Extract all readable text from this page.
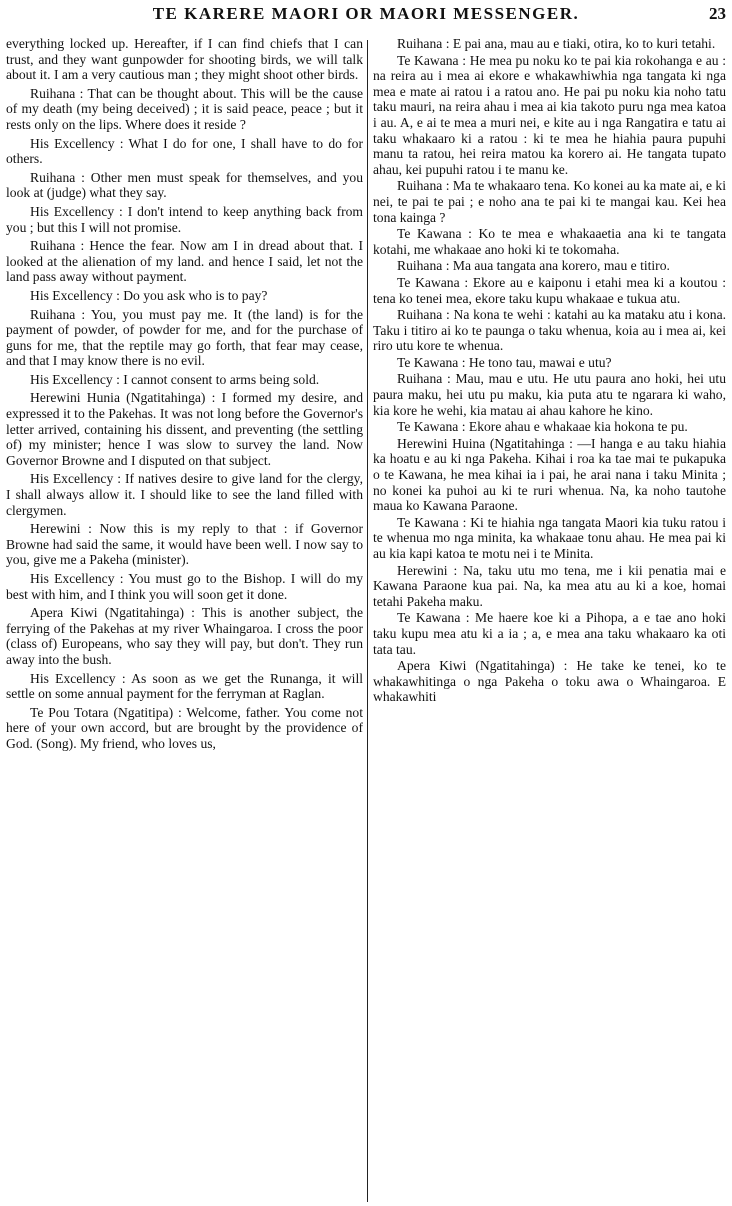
TE KARERE MAORI OR MAORI MESSENGER.	23

everything locked up. Hereafter, if I can find chiefs that I can trust, and they want gunpowder for shooting birds, we will talk about it. I am a very cautious man ; they might shoot other birds.

Ruihana : That can be thought about. This will be the cause of my death (my being deceived) ; it is said peace, peace ; but it rests only on the lips. Where does it reside ?

His Excellency : What I do for one, I shall have to do for others.

Ruihana : Other men must speak for themselves, and you look at (judge) what they say.

His Excellency : I don't intend to keep anything back from you ; but this I will not promise.

Ruihana : Hence the fear. Now am I in dread about that. I looked at the alienation of my land. and hence I said, let not the land pass away without payment.

His Excellency : Do you ask who is to pay?

Ruihana : You, you must pay me. It (the land) is for the payment of powder, of powder for me, and for the purchase of guns for me, that the reptile may go forth, that fear may cease, and that I may know there is no evil.

His Excellency : I cannot consent to arms being sold.

Herewini Hunia (Ngatitahinga) : I formed my desire, and expressed it to the Pakehas. It was not long before the Governor's letter arrived, containing his dissent, and preventing (the settling of) my minister; hence I was slow to survey the land. Now Governor Browne and I disputed on that subject.

His Excellency : If natives desire to give land for the clergy, I shall always allow it. I should like to see the land filled with clergymen.

Herewini : Now this is my reply to that : if Governor Browne had said the same, it would have been well. I now say to you, give me a Pakeha (minister).

His Excellency : You must go to the Bishop. I will do my best with him, and I think you will soon get it done.

Apera Kiwi (Ngatitahinga) : This is another subject, the ferrying of the Pakehas at my river Whaingaroa. I cross the poor (class of) Europeans, who say they will pay, but don't. They run away into the bush.

His Excellency : As soon as we get the Runanga, it will settle on some annual payment for the ferryman at Raglan.

Te Pou Totara (Ngatitipa) : Welcome, father. You come not here of your own accord, but are brought by the providence of God. (Song). My friend, who loves us,

Ruihana : E pai ana, mau au e tiaki, otira, ko to kuri tetahi.

Te Kawana : He mea pu noku ko te pai kia rokohanga e au : na reira au i mea ai ekore e whakawhiwhia nga tangata ki nga mea e mate ai ratou i a ratou ano. He pai pu noku kia noho tatu taku mauri, na reira ahau i mea ai kia takoto puru nga mea katoa i au. A, e ai te mea a muri nei, e kite au i nga Rangatira e tatu ai taku whakaaro ki a ratou : ki te mea he hiahia paura pupuhi manu ta ratou, hei reira matou ka korero ai. He tangata tupato ahau, kei pupuhi ratou i te manu ke.

Ruihana : Ma te whakaaro tena. Ko konei au ka mate ai, e ki nei, te pai te pai ; e noho ana te pai ki te mangai kau. Kei hea tona kainga ?

Te Kawana : Ko te mea e whakaaetia ana ki te tangata kotahi, me whakaae ano hoki ki te tokomaha.

Ruihana : Ma aua tangata ana korero, mau e titiro.

Te Kawana : Ekore au e kaiponu i etahi mea ki a koutou : tena ko tenei mea, ekore taku kupu whakaae e tukua atu.

Ruihana : Na kona te wehi : katahi au ka mataku atu i kona. Taku i titiro ai ko te paunga o taku whenua, koia au i mea ai, kei riro utu kore te whenua.

Te Kawana : He tono tau, mawai e utu?

Ruihana : Mau, mau e utu. He utu paura ano hoki, hei utu paura maku, hei utu pu maku, kia puta atu te ngarara ki waho, kia kore he wehi, kia matau ai ahau kahore he kino.

Te Kawana : Ekore ahau e whakaae kia hokona te pu.

Herewini Huina (Ngatitahinga : —I hanga e au taku hiahia ka hoatu e au ki nga Pakeha. Kihai i roa ka tae mai te pukapuka o te Kawana, he mea kihai ia i pai, he arai nana i taku Minita ; no konei ka puhoi au ki te ruri whenua. Na, ka noho tautohe maua ko Kawana Paraone.

Te Kawana : Ki te hiahia nga tangata Maori kia tuku ratou i te whenua mo nga minita, ka whakaae tonu ahau. He mea pai ki au kia kapi katoa te motu nei i te Minita.

Herewini : Na, taku utu mo tena, me i kii penatia mai e Kawana Paraone kua pai. Na, ka mea atu au ki a koe, homai tetahi Pakeha maku.

Te Kawana : Me haere koe ki a Pihopa, a e tae ano hoki taku kupu mea atu ki a ia ; a, e mea ana taku whakaaro ka oti tata tau.

Apera Kiwi (Ngatitahinga) : He take ke tenei, ko te whakawhitinga o nga Pakeha o toku awa o Whaingaroa. E whakawhiti
